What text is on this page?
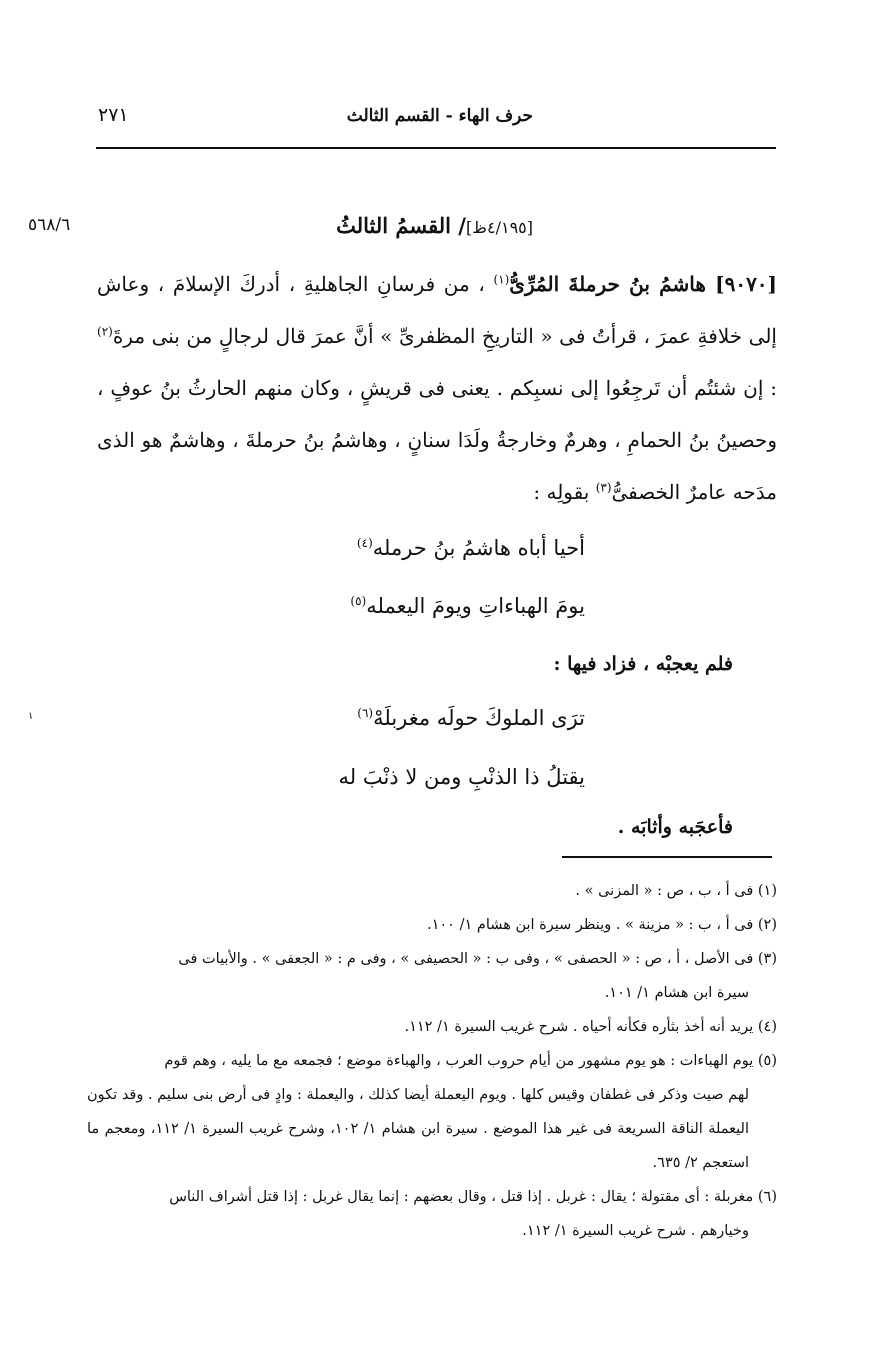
حرف الهاء - القسم الثالث
٢٧١
٥٦٨/٦	[٤/١٩٥ظ]/ القسمُ الثالثُ
[٩٠٧٠] هاشمُ بنُ حرملةَ المُرِّىُّ$^{(١)}$ ، من فرسانِ الجاهليةِ ، أدركَ الإسلامَ ، وعاش إلى خلافةِ عمرَ ، قرأتُ فى « التاريخِ المظفرىِّ » أنَّ عمرَ قال لرجالٍ من بنى مرةَ$^{(٢)}$ : إن شئتُم أن تَرجِعُوا إلى نسبِكم . يعنى فى قريشٍ ، وكان منهم الحارثُ بنُ عوفٍ ، وحصينُ بنُ الحمامِ ، وهرمٌ وخارجةُ ولَدَا سنانٍ ، وهاشمُ بنُ حرملةَ ، وهاشمٌ هو الذى مدَحه عامرٌ الخصفىُّ$^{(٣)}$ بقولِه :
أحيا أباه هاشمُ بنُ حرمله$^{(٤)}$
يومَ الهباءاتِ ويومَ اليعمله$^{(٥)}$
فلم يعجبْه ، فزاد فيها :
ترَى الملوكَ حولَه مغربلَهْ$^{(٦)}$
يقتلُ ذا الذنْبِ ومن لا ذنْبَ له
فأعجَبه وأثابَه .
١
(١) فى أ ، ب ، ص : « المزنى » .
(٢) فى أ ، ب : « مزينة » . وينظر سيرة ابن هشام ١/ ١٠٠.
(٣) فى الأصل ، أ ، ص : « الحصفى » ، وفى ب : « الحصيفى » ، وفى م : « الجعفى » . والأبيات فى
سيرة ابن هشام ١/ ١٠١.
(٤) يريد أنه أخذ بثأره فكأنه أحياه . شرح غريب السيرة ١/ ١١٢.
(٥) يوم الهباءات : هو يوم مشهور من أيام حروب العرب ، والهباءة موضع ؛ فجمعه مع ما يليه ، وهم قوم
لهم صيت وذكر فى غطفان وقيس كلها . ويوم اليعملة أيضا كذلك ، واليعملة : وادٍ فى أرض بنى سليم . وقد تكون اليعملة الناقة السريعة فى غير هذا الموضع . سيرة ابن هشام ١/ ١٠٢، وشرح غريب السيرة ١/ ١١٢، ومعجم ما استعجم ٢/ ٦٣٥.
(٦) مغربلة : أى مقتولة ؛ يقال : غربل . إذا قتل ، وقال بعضهم : إنما يقال غربل : إذا قتل أشراف الناس
وخيارهم . شرح غريب السيرة ١/ ١١٢.
